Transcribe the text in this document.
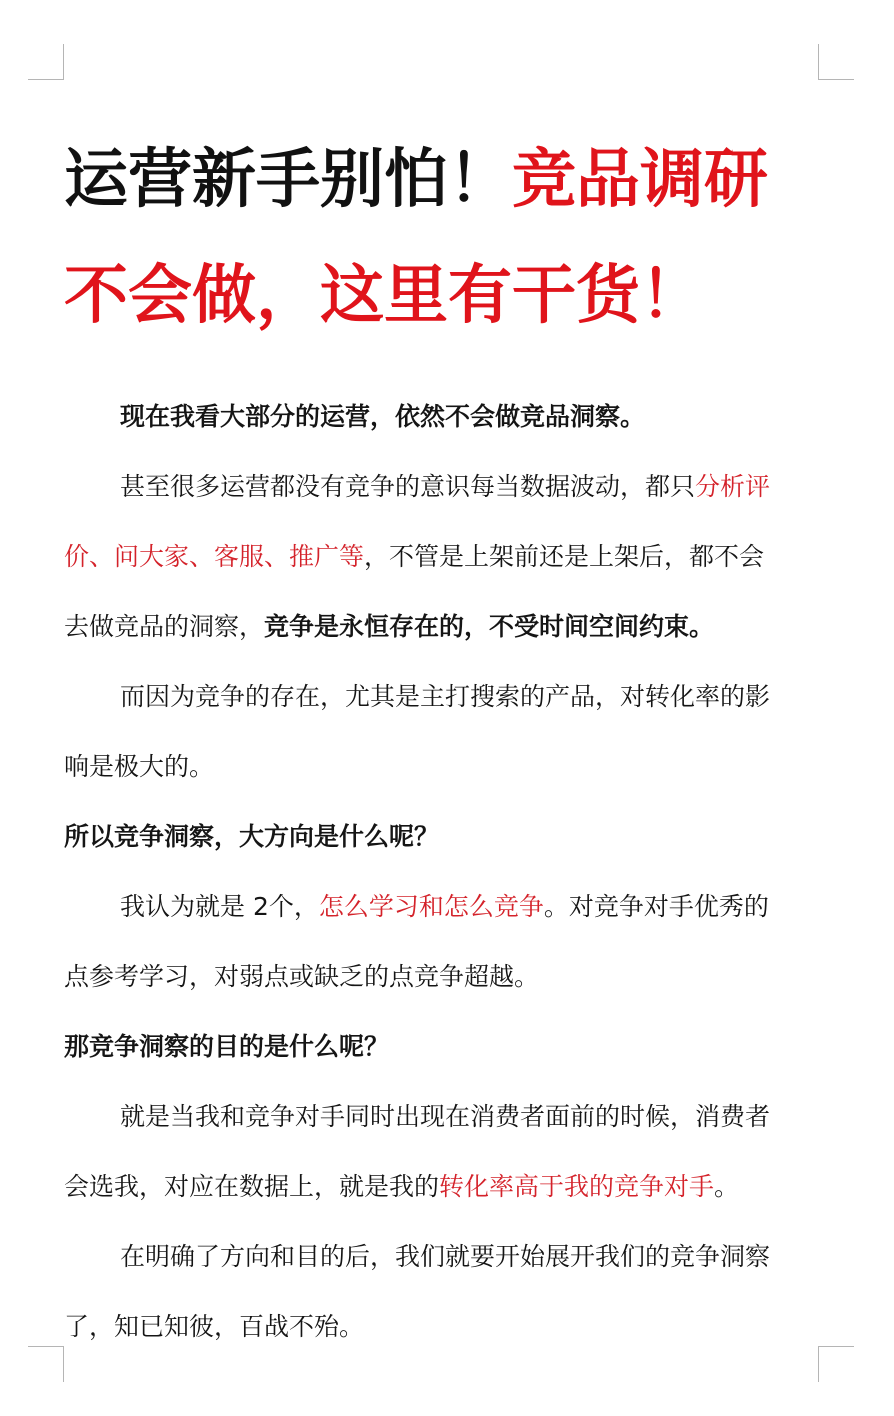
运营新手别怕！竞品调研
不会做，这里有干货！

现在我看大部分的运营，依然不会做竞品洞察。

甚至很多运营都没有竞争的意识每当数据波动，都只分析评
价、问大家、客服、推广等，不管是上架前还是上架后，都不会
去做竞品的洞察，竞争是永恒存在的，不受时间空间约束。
而因为竞争的存在，尤其是主打搜索的产品，对转化率的影
响是极大的。

所以竞争洞察，大方向是什么呢？

我认为就是 2个，怎么学习和怎么竞争。对竞争对手优秀的
点参考学习，对弱点或缺乏的点竞争超越。

那竞争洞察的目的是什么呢？

就是当我和竞争对手同时出现在消费者面前的时候，消费者
会选我，对应在数据上，就是我的转化率高于我的竞争对手。
在明确了方向和目的后，我们就要开始展开我们的竞争洞察
了，知已知彼，百战不殆。
